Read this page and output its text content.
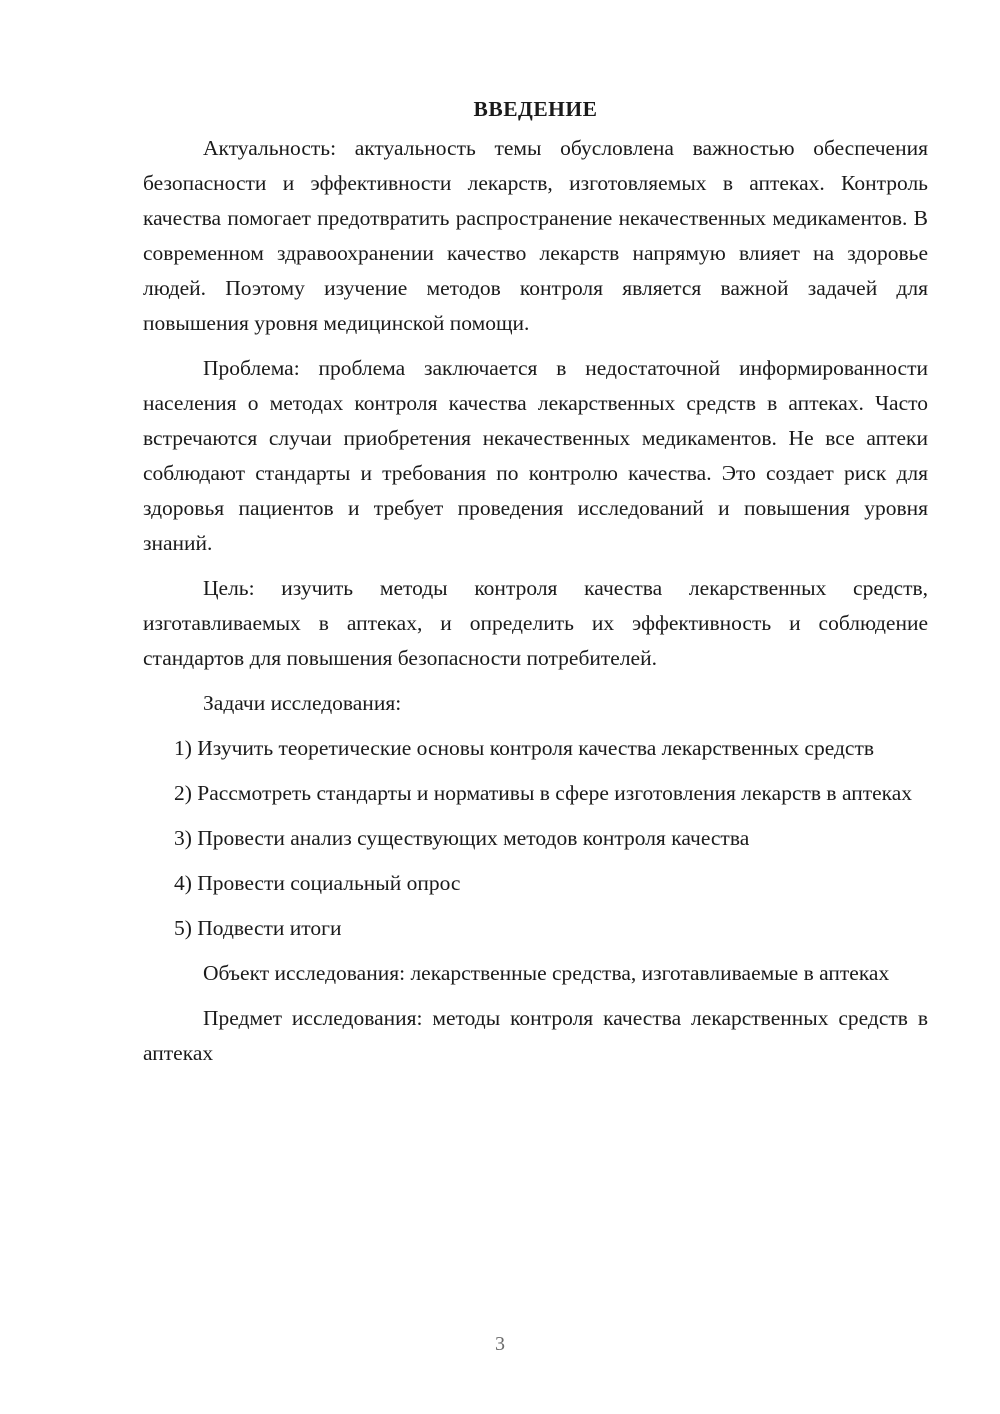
ВВЕДЕНИЕ

Актуальность: актуальность темы обусловлена важностью обеспечения безопасности и эффективности лекарств, изготовляемых в аптеках. Контроль качества помогает предотвратить распространение некачественных медикаментов. В современном здравоохранении качество лекарств напрямую влияет на здоровье людей. Поэтому изучение методов контроля является важной задачей для повышения уровня медицинской помощи.

Проблема: проблема заключается в недостаточной информированности населения о методах контроля качества лекарственных средств в аптеках. Часто встречаются случаи приобретения некачественных медикаментов. Не все аптеки соблюдают стандарты и требования по контролю качества. Это создает риск для здоровья пациентов и требует проведения исследований и повышения уровня знаний.

Цель: изучить методы контроля качества лекарственных средств, изготавливаемых в аптеках, и определить их эффективность и соблюдение стандартов для повышения безопасности потребителей.

Задачи исследования:

1) Изучить теоретические основы контроля качества лекарственных средств

2) Рассмотреть стандарты и нормативы в сфере изготовления лекарств в аптеках

3) Провести анализ существующих методов контроля качества

4) Провести социальный опрос

5) Подвести итоги

Объект исследования: лекарственные средства, изготавливаемые в аптеках

Предмет исследования: методы контроля качества лекарственных средств в аптеках

3
